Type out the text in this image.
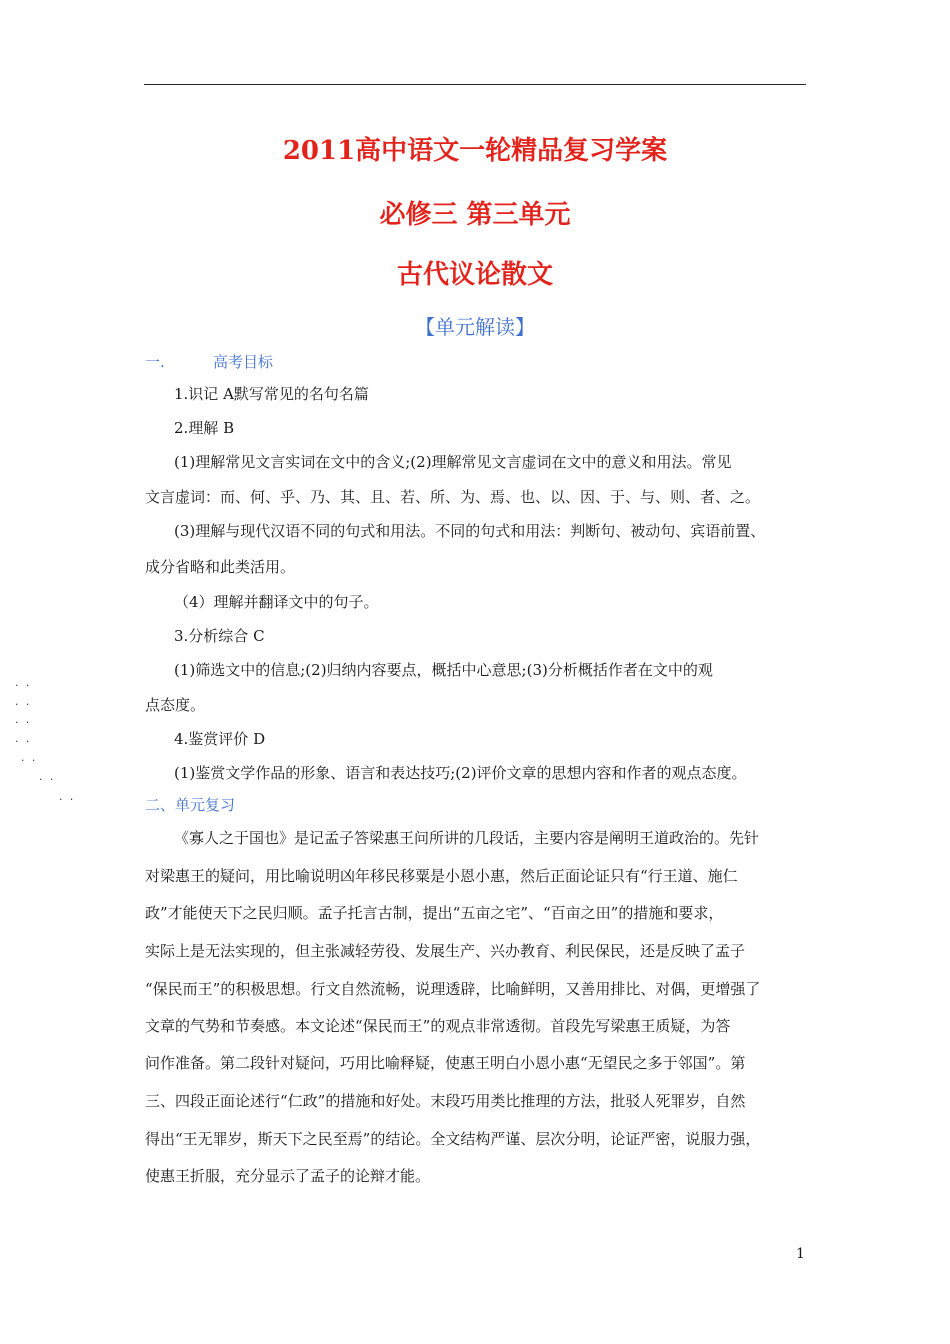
2011高中语文一轮精品复习学案
必修三 第三单元
古代议论散文
【单元解读】
一.	高考目标
1.识记 A默写常见的名句名篇
2.理解 B
(1)理解常见文言实词在文中的含义;(2)理解常见文言虚词在文中的意义和用法。常见
文言虚词：而、何、乎、乃、其、且、若、所、为、焉、也、以、因、于、与、则、者、之。
(3)理解与现代汉语不同的句式和用法。不同的句式和用法：判断句、被动句、宾语前置、
成分省略和此类活用。
（4）理解并翻译文中的句子。
3.分析综合 C
(1)筛选文中的信息;(2)归纳内容要点，概括中心意思;(3)分析概括作者在文中的观
点态度。
4.鉴赏评价 D
(1)鉴赏文学作品的形象、语言和表达技巧;(2)评价文章的思想内容和作者的观点态度。
二、单元复习
《寡人之于国也》是记孟子答梁惠王问所讲的几段话，主要内容是阐明王道政治的。先针
对梁惠王的疑问，用比喻说明凶年移民移粟是小恩小惠，然后正面论证只有“行王道、施仁
政”才能使天下之民归顺。孟子托言古制，提出“五亩之宅”、“百亩之田”的措施和要求，
实际上是无法实现的，但主张减轻劳役、发展生产、兴办教育、利民保民，还是反映了孟子
“保民而王”的积极思想。行文自然流畅，说理透辟，比喻鲜明，又善用排比、对偶，更增强了
文章的气势和节奏感。本文论述“保民而王”的观点非常透彻。首段先写梁惠王质疑，为答
问作准备。第二段针对疑问，巧用比喻释疑，使惠王明白小恩小惠“无望民之多于邻国”。第
三、四段正面论述行“仁政”的措施和好处。末段巧用类比推理的方法，批驳人死罪岁，自然
得出“王无罪岁，斯天下之民至焉”的结论。全文结构严谨、层次分明，论证严密，说服力强，
使惠王折服，充分显示了孟子的论辩才能。
. .
. .
. .
. .
. .
. .
. .
1
